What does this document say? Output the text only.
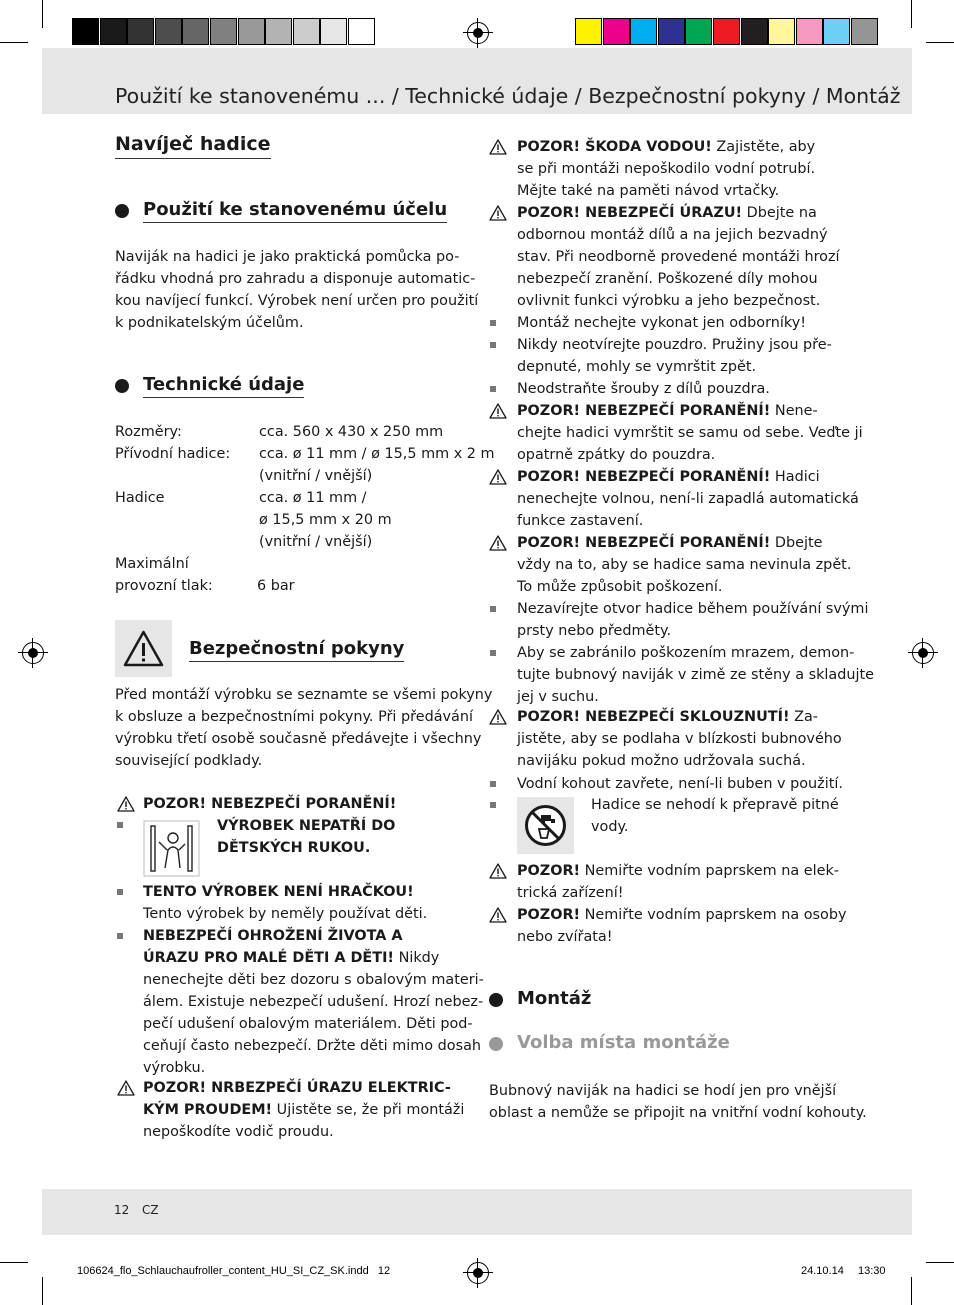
Použití ke stanovenému ... / Technické údaje / Bezpečnostní pokyny / Montáž
Navíječ hadice
Použití ke stanovenému účelu
Naviják na hadici je jako praktická pomůcka po-
řádku vhodná pro zahradu a disponuje automatic-
kou navíjecí funkcí. Výrobek není určen pro použití
k podnikatelským účelům.
Technické údaje
Rozměry:	cca. 560 x 430 x 250 mm
Přívodní hadice: cca. ø 11 mm / ø 15,5 mm x 2 m
(vnitřní / vnější)
Hadice	cca. ø 11 mm /
ø 15,5 mm x 20 m
(vnitřní / vnější)
Maximální
provozní tlak:	6 bar
Bezpečnostní pokyny
Před montáží výrobku se seznamte se všemi pokyny
k obsluze a bezpečnostními pokyny. Při předávání
výrobku třetí osobě současně předávejte i všechny
související podklady.
POZOR! NEBEZPEČÍ PORANĚNÍ!
VÝROBEK NEPATŘÍ DO
DĚTSKÝCH RUKOU.
TENTO VÝROBEK NENÍ HRAČKOU!
Tento výrobek by neměly používat děti.
NEBEZPEČÍ OHROŽENÍ ŽIVOTA A
ÚRAZU PRO MALÉ DĚTI A DĚTI! Nikdy
nenechejte děti bez dozoru s obalovým materi-
álem. Existuje nebezpečí udušení. Hrozí nebez-
pečí udušení obalovým materiálem. Děti pod-
ceňují často nebezpečí. Držte děti mimo dosah
výrobku.
POZOR! NRBEZPEČÍ ÚRAZU ELEKTRIC-
KÝM PROUDEM! Ujistěte se, že při montáži
nepoškodíte vodič proudu.
POZOR! ŠKODA VODOU! Zajistěte, aby
se při montáži nepoškodilo vodní potrubí.
Mějte také na paměti návod vrtačky.
POZOR! NEBEZPEČÍ ÚRAZU! Dbejte na
odbornou montáž dílů a na jejich bezvadný
stav. Při neodborně provedené montáži hrozí
nebezpečí zranění. Poškozené díly mohou
ovlivnit funkci výrobku a jeho bezpečnost.
Montáž nechejte vykonat jen odborníky!
Nikdy neotvírejte pouzdro. Pružiny jsou pře-
depnuté, mohly se vymrštit zpět.
Neodstraňte šrouby z dílů pouzdra.
POZOR! NEBEZPEČÍ PORANĚNÍ! Nene-
chejte hadici vymrštit se samu od sebe. Veďte ji
opatrně zpátky do pouzdra.
POZOR! NEBEZPEČÍ PORANĚNÍ! Hadici
nenechejte volnou, není-li zapadlá automatická
funkce zastavení.
POZOR! NEBEZPEČÍ PORANĚNÍ! Dbejte
vždy na to, aby se hadice sama nevinula zpět.
To může způsobit poškození.
Nezavírejte otvor hadice během používání svými
prsty nebo předměty.
Aby se zabránilo poškozením mrazem, demon-
tujte bubnový naviják v zimě ze stěny a skladujte
jej v suchu.
POZOR! NEBEZPEČÍ SKLOUZNUTÍ! Za-
jistěte, aby se podlaha v blízkosti bubnového
navijáku pokud možno udržovala suchá.
Vodní kohout zavřete, není-li buben v použití.
Hadice se nehodí k přepravě pitné
vody.
POZOR! Nemiřte vodním paprskem na elek-
trická zařízení!
POZOR! Nemiřte vodním paprskem na osoby
nebo zvířata!
Montáž
Volba místa montáže
Bubnový naviják na hadici se hodí jen pro vnější
oblast a nemůže se připojit na vnitřní vodní kohouty.
12 CZ
106624_flo_Schlauchaufroller_content_HU_SI_CZ_SK.indd   12	24.10.14 13:30
